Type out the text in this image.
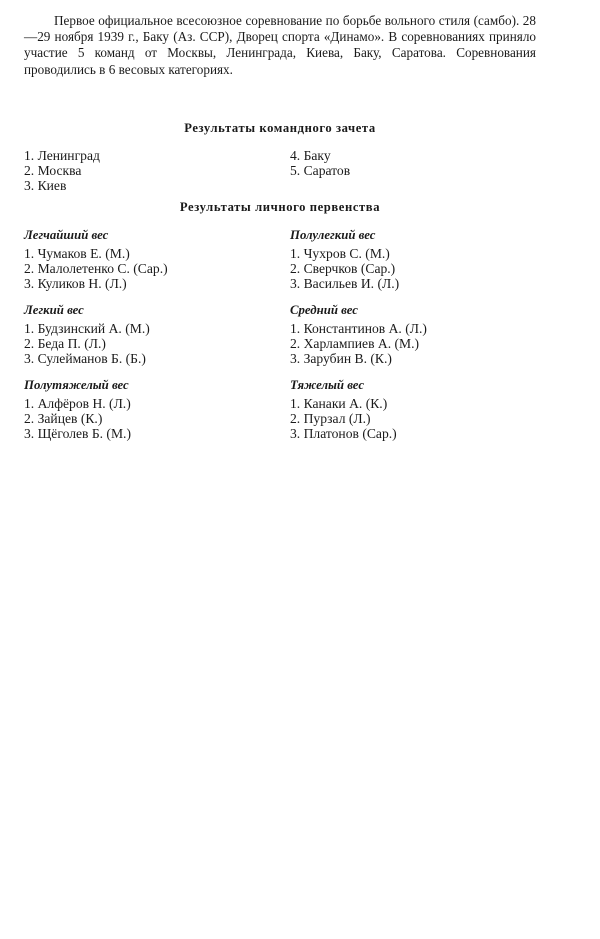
Первое официальное всесоюзное соревнование по борьбе вольного стиля (самбо). 28—29 ноября 1939 г., Баку (Аз. ССР), Дворец спорта «Динамо». В соревнованиях приняло участие 5 команд от Москвы, Ленинграда, Киева, Баку, Саратова. Соревнования проводились в 6 весовых категориях.

Результаты командного зачета

1. Ленинград

2. Москва

3. Киев

4. Баку

5. Саратов

Результаты личного первенства

Легчайший вес

1. Чумаков Е. (М.)

2. Малолетенко С. (Сар.)

3. Куликов Н. (Л.)

Полулегкий вес

1. Чухров С. (М.)

2. Сверчков (Сар.)

3. Васильев И. (Л.)

Легкий вес

1. Будзинский А. (М.)

2. Беда П. (Л.)

3. Сулейманов Б. (Б.)

Средний вес

1. Константинов А. (Л.)

2. Харлампиев А. (М.)

3. Зарубин В. (К.)

Полутяжелый вес

1. Алфёров Н. (Л.)

2. Зайцев (К.)

3. Щёголев Б. (М.)

Тяжелый вес

1. Канаки А. (К.)

2. Пурзал (Л.)

3. Платонов (Сар.)
